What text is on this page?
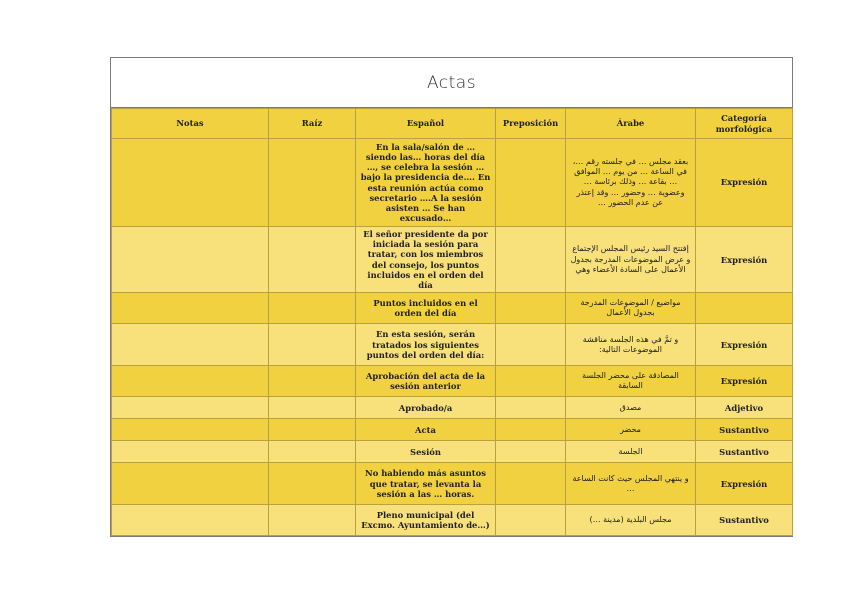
Actas
Notas	Raíz	Español	Preposición	Árabe	Categoría morfológica
		En la sala/salón de … siendo las… horas del día …, se celebra la sesión … bajo la presidencia de…. En esta reunión actúa como secretario ….A la sesión asisten … Se han excusado…		بعقد مجلس … في جلسته رقم …، في الساعة … من يوم … الموافق … بقاعة … وذلك برئاسة … وعضوية … وحضور … وقد إعتذر عن عدم الحضور …	Expresión
		El señor presidente da por iniciada la sesión para tratar, con los miembros del consejo, los puntos incluidos en el orden del día		إفتتح السيد رئيس المجلس الإجتماع و عرض الموضوعات المدرجة بجدول الأعمال على السادة الأعضاء وهي	Expresión
		Puntos incluidos en el orden del día		مواضيع / الموضوعات المدرجة بجدول الأعمال	
		En esta sesión, serán tratados los siguientes puntos del orden del día:		و تمَّ في هذه الجلسة مناقشة الموضوعات التالية:	Expresión
		Aprobación del acta de la sesión anterior		المصادقة على محضر الجلسة السابقة	Expresión
		Aprobado/a		مصدق	Adjetivo
		Acta		محضر	Sustantivo
		Sesión		الجلسة	Sustantivo
		No habiendo más asuntos que tratar, se levanta la sesión a las … horas.		و ينتهي المجلس حيث كانت الساعة …	Expresión
		Pleno municipal (del Excmo. Ayuntamiento de…)		مجلس البلدية (مدينة …)	Sustantivo
